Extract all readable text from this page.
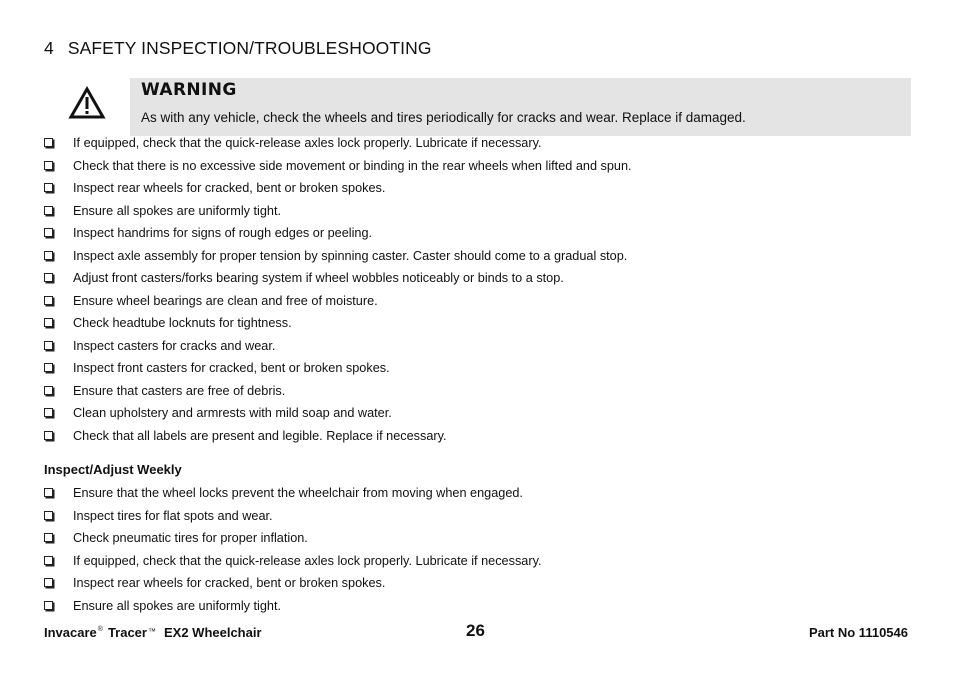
4 SAFETY INSPECTION/TROUBLESHOOTING
WARNING
As with any vehicle, check the wheels and tires periodically for cracks and wear. Replace if damaged.
If equipped, check that the quick-release axles lock properly. Lubricate if necessary.
Check that there is no excessive side movement or binding in the rear wheels when lifted and spun.
Inspect rear wheels for cracked, bent or broken spokes.
Ensure all spokes are uniformly tight.
Inspect handrims for signs of rough edges or peeling.
Inspect axle assembly for proper tension by spinning caster. Caster should come to a gradual stop.
Adjust front casters/forks bearing system if wheel wobbles noticeably or binds to a stop.
Ensure wheel bearings are clean and free of moisture.
Check headtube locknuts for tightness.
Inspect casters for cracks and wear.
Inspect front casters for cracked, bent or broken spokes.
Ensure that casters are free of debris.
Clean upholstery and armrests with mild soap and water.
Check that all labels are present and legible. Replace if necessary.
Inspect/Adjust Weekly
Ensure that the wheel locks prevent the wheelchair from moving when engaged.
Inspect tires for flat spots and wear.
Check pneumatic tires for proper inflation.
If equipped, check that the quick-release axles lock properly. Lubricate if necessary.
Inspect rear wheels for cracked, bent or broken spokes.
Ensure all spokes are uniformly tight.
Invacare® Tracer™ EX2 Wheelchair	26	Part No 1110546
